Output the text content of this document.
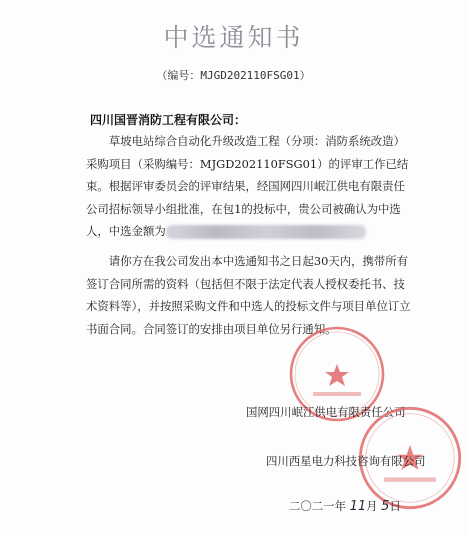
中选通知书
（编号：MJGD202110FSG01）
四川国晋消防工程有限公司：

草坡电站综合自动化升级改造工程（分项：消防系统改造）采购项目（采购编号：MJGD202110FSG01）的评审工作已结束。根据评审委员会的评审结果，经国网四川岷江供电有限责任公司招标领导小组批准，在包1的投标中，贵公司被确认为中选人，中选金额为

请你方在我公司发出本中选通知书之日起30天内，携带所有签订合同所需的资料（包括但不限于法定代表人授权委托书、技术资料等），并按照采购文件和中选人的投标文件与项目单位订立书面合同。合同签订的安排由项目单位另行通知。

国网四川岷江供电有限责任公司
四川西星电力科技咨询有限公司
二〇二一年 11月 5日
